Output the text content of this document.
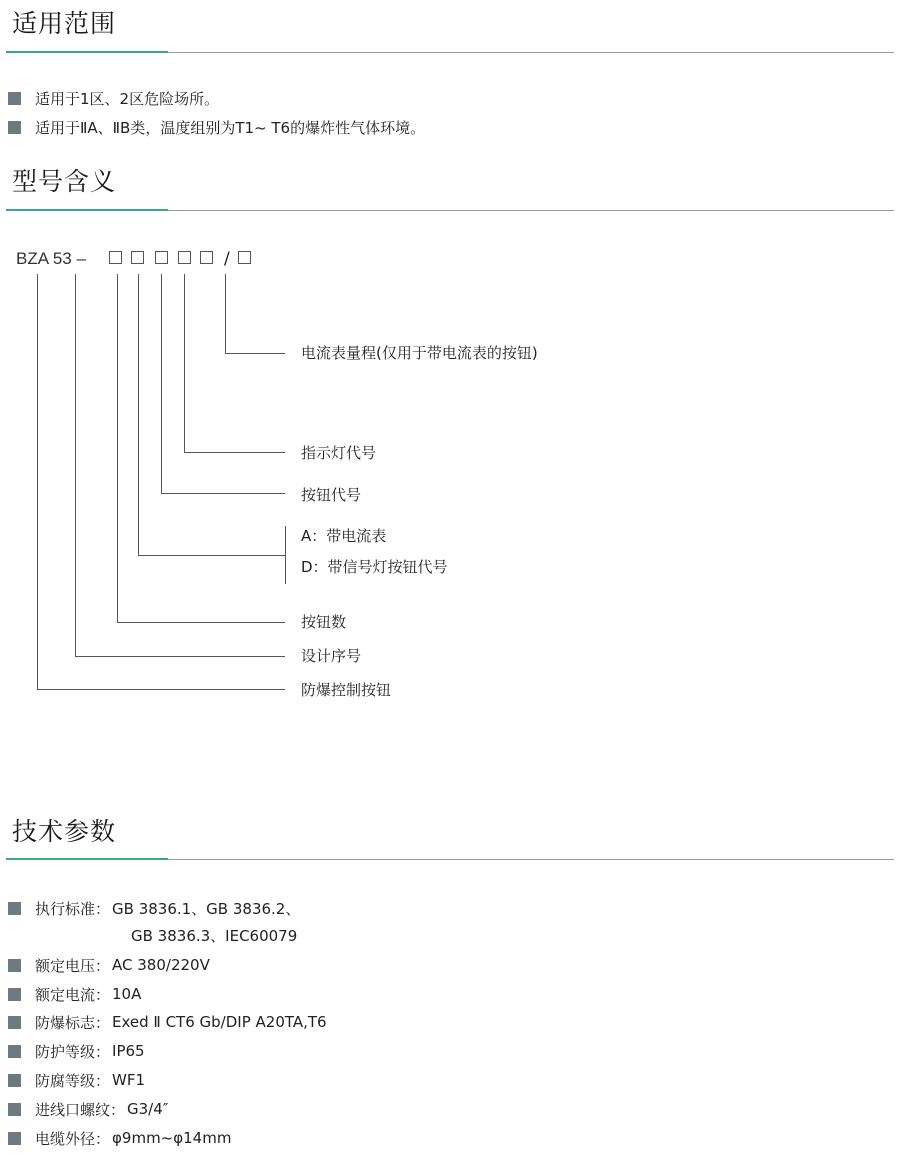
适用范围
适用于1区、2区危险场所。
适用于ⅡA、ⅡB类，温度组别为T1~ T6的爆炸性气体环境。
型号含义
BZA 53 –	/
电流表量程(仅用于带电流表的按钮)
指示灯代号
按钮代号
A：带电流表
D：带信号灯按钮代号
按钮数
设计序号
防爆控制按钮
技术参数
执行标准： GB 3836.1、GB 3836.2、
GB 3836.3、IEC60079
额定电压： AC 380/220V
额定电流： 10A
防爆标志： Exed Ⅱ CT6 Gb/DIP A20TA,T6
防护等级： IP65
防腐等级： WF1
进线口螺纹： G3/4″
电缆外径： φ9mm~φ14mm
